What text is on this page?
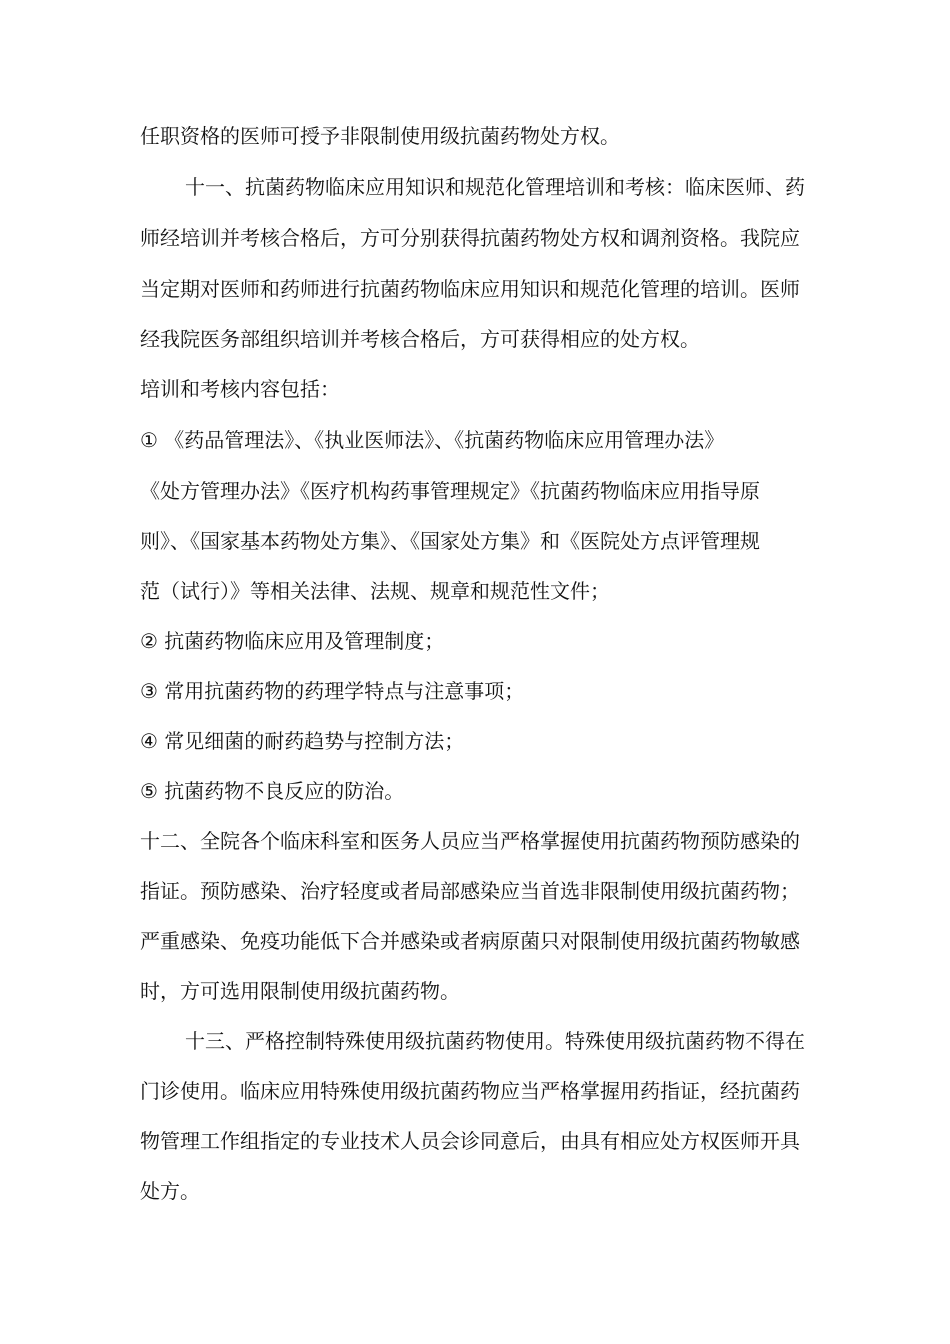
任职资格的医师可授予非限制使用级抗菌药物处方权。
十一、抗菌药物临床应用知识和规范化管理培训和考核：临床医师、药
师经培训并考核合格后，方可分别获得抗菌药物处方权和调剂资格。我院应
当定期对医师和药师进行抗菌药物临床应用知识和规范化管理的培训。医师
经我院医务部组织培训并考核合格后，方可获得相应的处方权。
培训和考核内容包括：
① 《药品管理法》、《执业医师法》、《抗菌药物临床应用管理办法》
《处方管理办法》《医疗机构药事管理规定》《抗菌药物临床应用指导原
则》、《国家基本药物处方集》、《国家处方集》和《医院处方点评管理规
范（试行）》等相关法律、法规、规章和规范性文件；
② 抗菌药物临床应用及管理制度；
③ 常用抗菌药物的药理学特点与注意事项；
④ 常见细菌的耐药趋势与控制方法；
⑤ 抗菌药物不良反应的防治。
十二、全院各个临床科室和医务人员应当严格掌握使用抗菌药物预防感染的
指证。预防感染、治疗轻度或者局部感染应当首选非限制使用级抗菌药物；
严重感染、免疫功能低下合并感染或者病原菌只对限制使用级抗菌药物敏感
时，方可选用限制使用级抗菌药物。
十三、严格控制特殊使用级抗菌药物使用。特殊使用级抗菌药物不得在
门诊使用。临床应用特殊使用级抗菌药物应当严格掌握用药指证，经抗菌药
物管理工作组指定的专业技术人员会诊同意后，由具有相应处方权医师开具
处方。
